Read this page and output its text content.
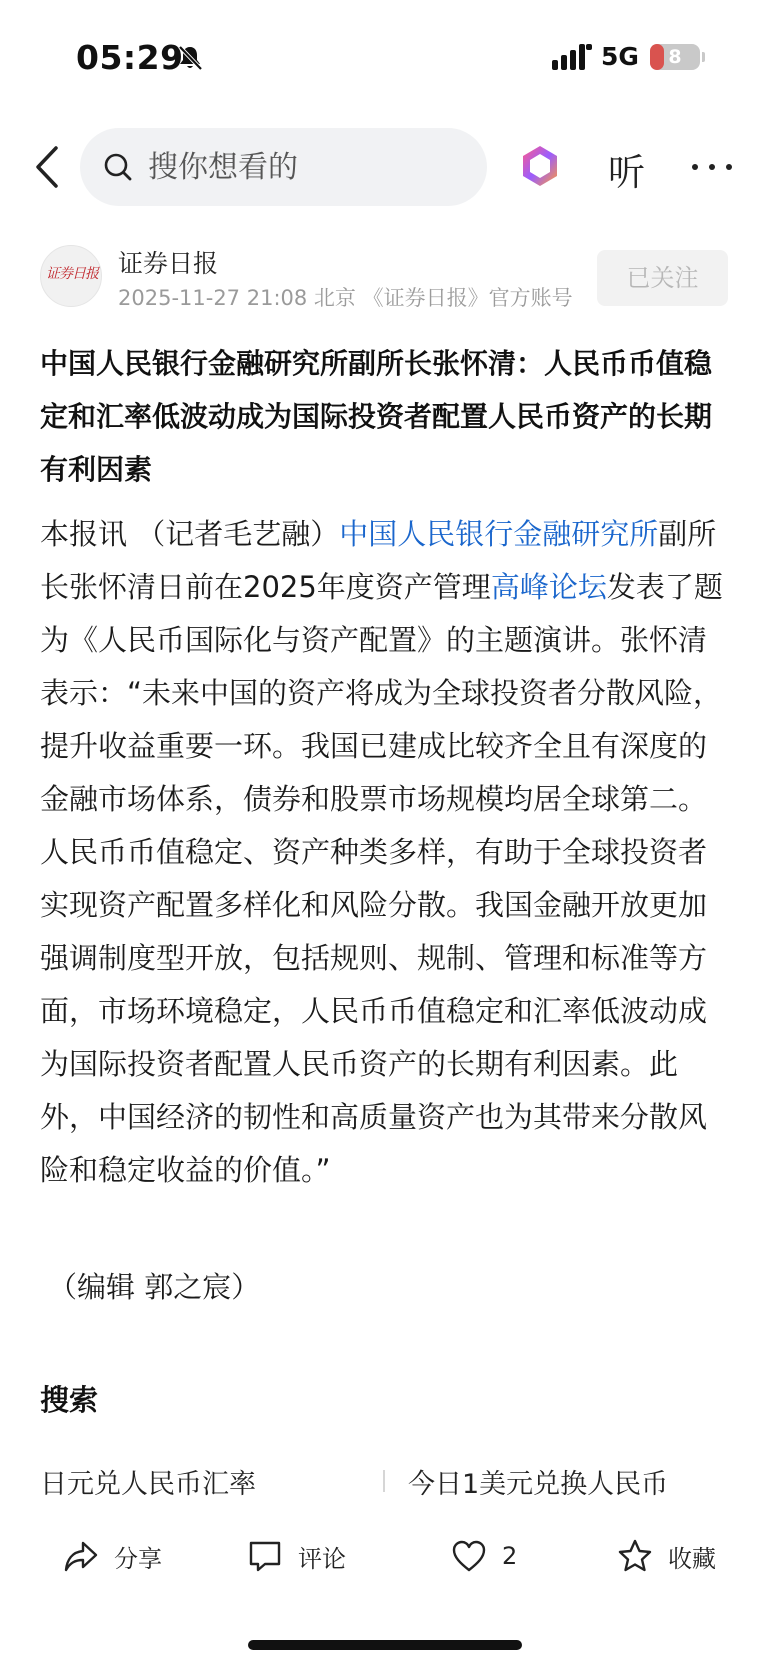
05:29	5G	8
搜你想看的
听
证券日报 证券日报
2025-11-27 21:08 北京 《证券日报》官方账号
已关注
中国人民银行金融研究所副所长张怀清：人民币币值稳定和汇率低波动成为国际投资者配置人民币资产的长期有利因素
本报讯 （记者毛艺融）中国人民银行金融研究所副所长张怀清日前在2025年度资产管理高峰论坛发表了题为《人民币国际化与资产配置》的主题演讲。张怀清表示：“未来中国的资产将成为全球投资者分散风险，提升收益重要一环。我国已建成比较齐全且有深度的金融市场体系，债券和股票市场规模均居全球第二。人民币币值稳定、资产种类多样，有助于全球投资者实现资产配置多样化和风险分散。我国金融开放更加强调制度型开放，包括规则、规制、管理和标准等方面，市场环境稳定，人民币币值稳定和汇率低波动成为国际投资者配置人民币资产的长期有利因素。此外，中国经济的韧性和高质量资产也为其带来分散风险和稳定收益的价值。”
（编辑 郭之宸）
搜索
日元兑人民币汇率	今日1美元兑换人民币
分享	评论	2	收藏
